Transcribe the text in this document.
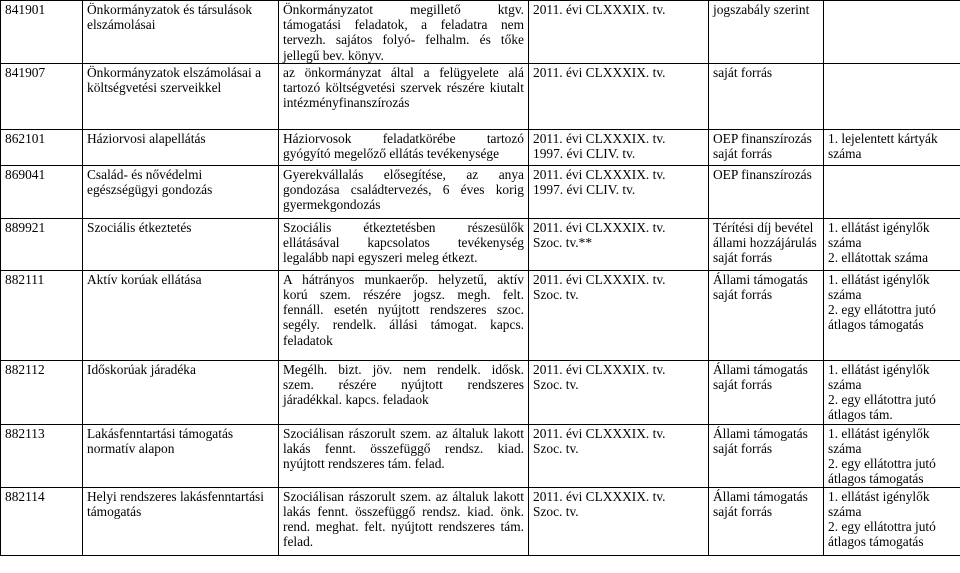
841901	Önkormányzatok és társulások
elszámolásai	Önkormányzatot megillető ktgv.
támogatási feladatok, a feladatra nem
tervezh. sajátos folyó- felhalm. és tőke
jellegű bev. könyv.	2011. évi CLXXXIX. tv.	jogszabály szerint	

841907	Önkormányzatok elszámolásai a
költségvetési szerveikkel	az önkormányzat által a felügyelete alá
tartozó költségvetési szervek részére kiutalt
intézményfinanszírozás	2011. évi CLXXXIX. tv.	saját forrás	

862101	Háziorvosi alapellátás	Háziorvosok feladatkörébe tartozó
gyógyító megelőző ellátás tevékenysége	2011. évi CLXXXIX. tv.
1997. évi CLIV. tv.	OEP finanszírozás
saját forrás	1. lejelentett kártyák
száma

869041	Család- és nővédelmi
egészségügyi gondozás	Gyerekvállalás elősegítése, az anya
gondozása családtervezés, 6 éves korig
gyermekgondozás	2011. évi CLXXXIX. tv.
1997. évi CLIV. tv.	OEP finanszírozás	

889921	Szociális étkeztetés	Szociális étkeztetésben részesülők
ellátásával kapcsolatos tevékenység
legalább napi egyszeri meleg étkezt.	2011. évi CLXXXIX. tv.
Szoc. tv.**	Térítési díj bevétel
állami hozzájárulás
saját forrás	1. ellátást igénylők
száma
2. ellátottak száma

882111	Aktív korúak ellátása	A hátrányos munkaerőp. helyzetű, aktív
korú szem. részére jogsz. megh. felt.
fennáll. esetén nyújtott rendszeres szoc.
segély. rendelk. állási támogat. kapcs.
feladatok	2011. évi CLXXXIX. tv.
Szoc. tv.	Állami támogatás
saját forrás	1. ellátást igénylők
száma
2. egy ellátottra jutó
átlagos támogatás

882112	Időskorúak járadéka	Megélh. bizt. jöv. nem rendelk. idősk.
szem. részére nyújtott rendszeres
járadékkal. kapcs. feladaok	2011. évi CLXXXIX. tv.
Szoc. tv.	Állami támogatás
saját forrás	1. ellátást igénylők
száma
2. egy ellátottra jutó
átlagos tám.

882113	Lakásfenntartási támogatás
normatív alapon	Szociálisan rászorult szem. az általuk lakott
lakás fennt. összefüggő rendsz. kiad.
nyújtott rendszeres tám. felad.	2011. évi CLXXXIX. tv.
Szoc. tv.	Állami támogatás
saját forrás	1. ellátást igénylők
száma
2. egy ellátottra jutó
átlagos támogatás

882114	Helyi rendszeres lakásfenntartási
támogatás	Szociálisan rászorult szem. az általuk lakott
lakás fennt. összefüggő rendsz. kiad. önk.
rend. meghat. felt. nyújtott rendszeres tám.
felad.	2011. évi CLXXXIX. tv.
Szoc. tv.	Állami támogatás
saját forrás	1. ellátást igénylők
száma
2. egy ellátottra jutó
átlagos támogatás
